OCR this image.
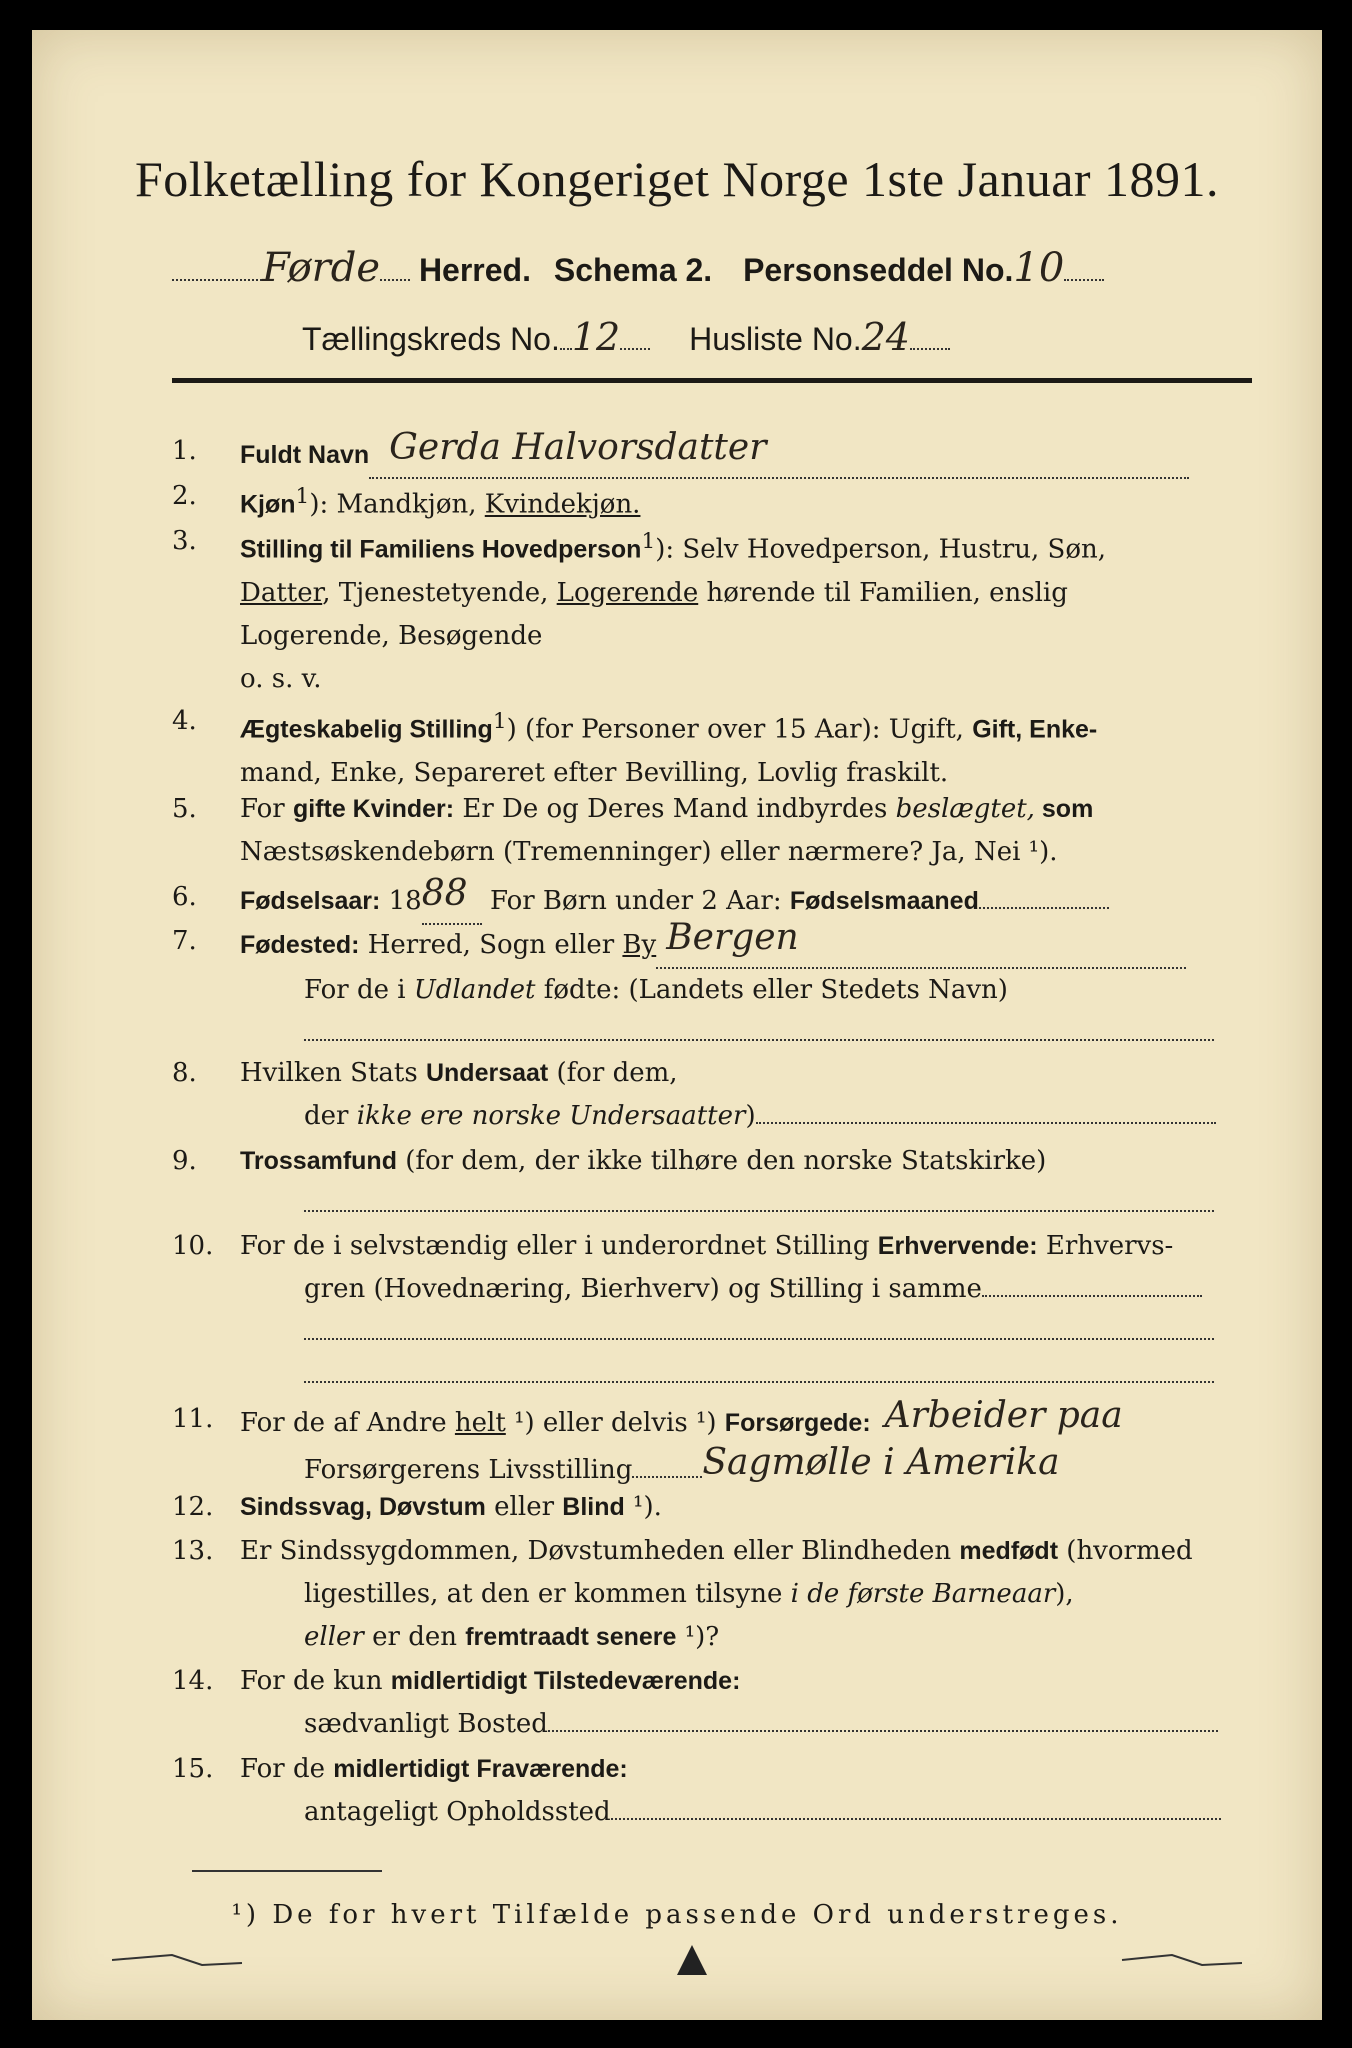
Folketælling for Kongeriget Norge 1ste Januar 1891.
Førde Herred. Schema 2. Personseddel No.10
Tællingskreds No. 12 Husliste No.24
1.	Fuldt Navn Gerda Halvorsdatter
2.	Kjøn$^1$): Mandkjøn, Kvindekjøn.
3.	Stilling til Familiens Hovedperson$^1$): Selv Hovedperson, Hustru, Søn,
Datter, Tjenestetyende, Logerende hørende til Familien, enslig
Logerende, Besøgende
o. s. v.
4.	Ægteskabelig Stilling$^1$) (for Personer over 15 Aar): Ugift, Gift, Enke-
mand, Enke, Separeret efter Bevilling, Lovlig fraskilt.
5.	For gifte Kvinder: Er De og Deres Mand indbyrdes beslægtet, som
Næstsøskendebørn (Tremenninger) eller nærmere? Ja, Nei ¹).
6.	Fødselsaar: 1888 For Børn under 2 Aar: Fødselsmaaned
7.	Fødested: Herred, Sogn eller By Bergen
For de i Udlandet fødte: (Landets eller Stedets Navn)
8.	Hvilken Stats Undersaat (for dem,
der ikke ere norske Undersaatter)
9.	Trossamfund (for dem, der ikke tilhøre den norske Statskirke)
10.	For de i selvstændig eller i underordnet Stilling Erhvervende: Erhvervs-
gren (Hovednæring, Bierhverv) og Stilling i samme
11.	For de af Andre helt ¹) eller delvis ¹) Forsørgede: Arbeider paa
Forsørgerens Livsstilling Sagmølle i Amerika
12.	Sindssvag, Døvstum eller Blind ¹).
13.	Er Sindssygdommen, Døvstumheden eller Blindheden medfødt (hvormed
ligestilles, at den er kommen tilsyne i de første Barneaar),
eller er den fremtraadt senere ¹)?
14.	For de kun midlertidigt Tilstedeværende:
sædvanligt Bosted
15.	For de midlertidigt Fraværende:
antageligt Opholdssted
¹) De for hvert Tilfælde passende Ord understreges.
